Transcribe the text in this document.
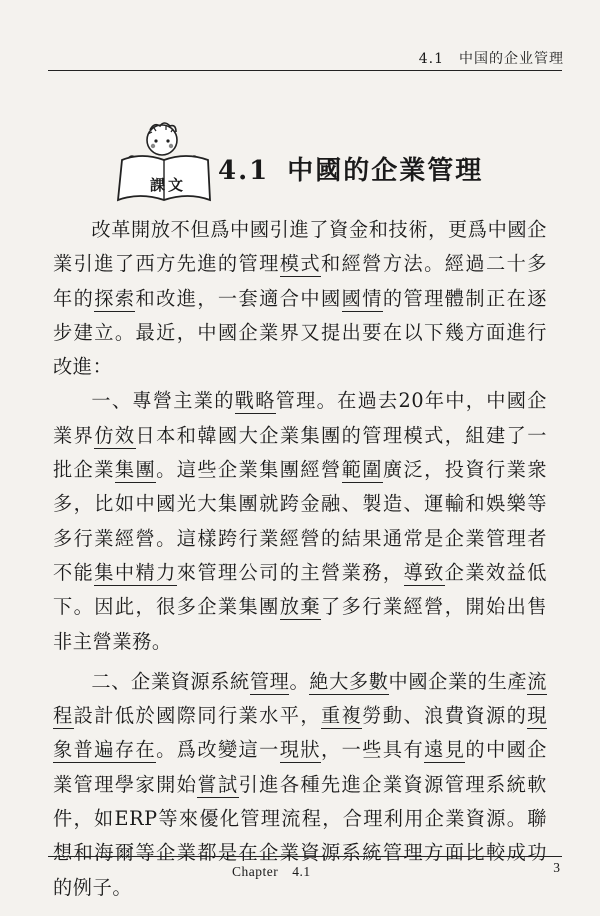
4.1　中国的企业管理
課文	4.1 中國的企業管理

改革開放不但爲中國引進了資金和技術，更爲中國企業引進了西方先進的管理模式和經營方法。經過二十多年的探索和改進，一套適合中國國情的管理體制正在逐步建立。最近，中國企業界又提出要在以下幾方面進行改進：

一、專營主業的戰略管理。在過去20年中，中國企業界仿效日本和韓國大企業集團的管理模式，組建了一批企業集團。這些企業集團經營範圍廣泛，投資行業衆多，比如中國光大集團就跨金融、製造、運輸和娛樂等多行業經營。這樣跨行業經營的結果通常是企業管理者不能集中精力來管理公司的主營業務，導致企業效益低下。因此，很多企業集團放棄了多行業經營，開始出售非主營業務。

二、企業資源系統管理。絶大多數中國企業的生產流程設計低於國際同行業水平，重複勞動、浪費資源的現象普遍存在。爲改變這一現狀，一些具有遠見的中國企業管理學家開始嘗試引進各種先進企業資源管理系統軟件，如ERP等來優化管理流程，合理利用企業資源。聯想和海爾等企業都是在企業資源系統管理方面比較成功的例子。

Chapter　4.1	3
